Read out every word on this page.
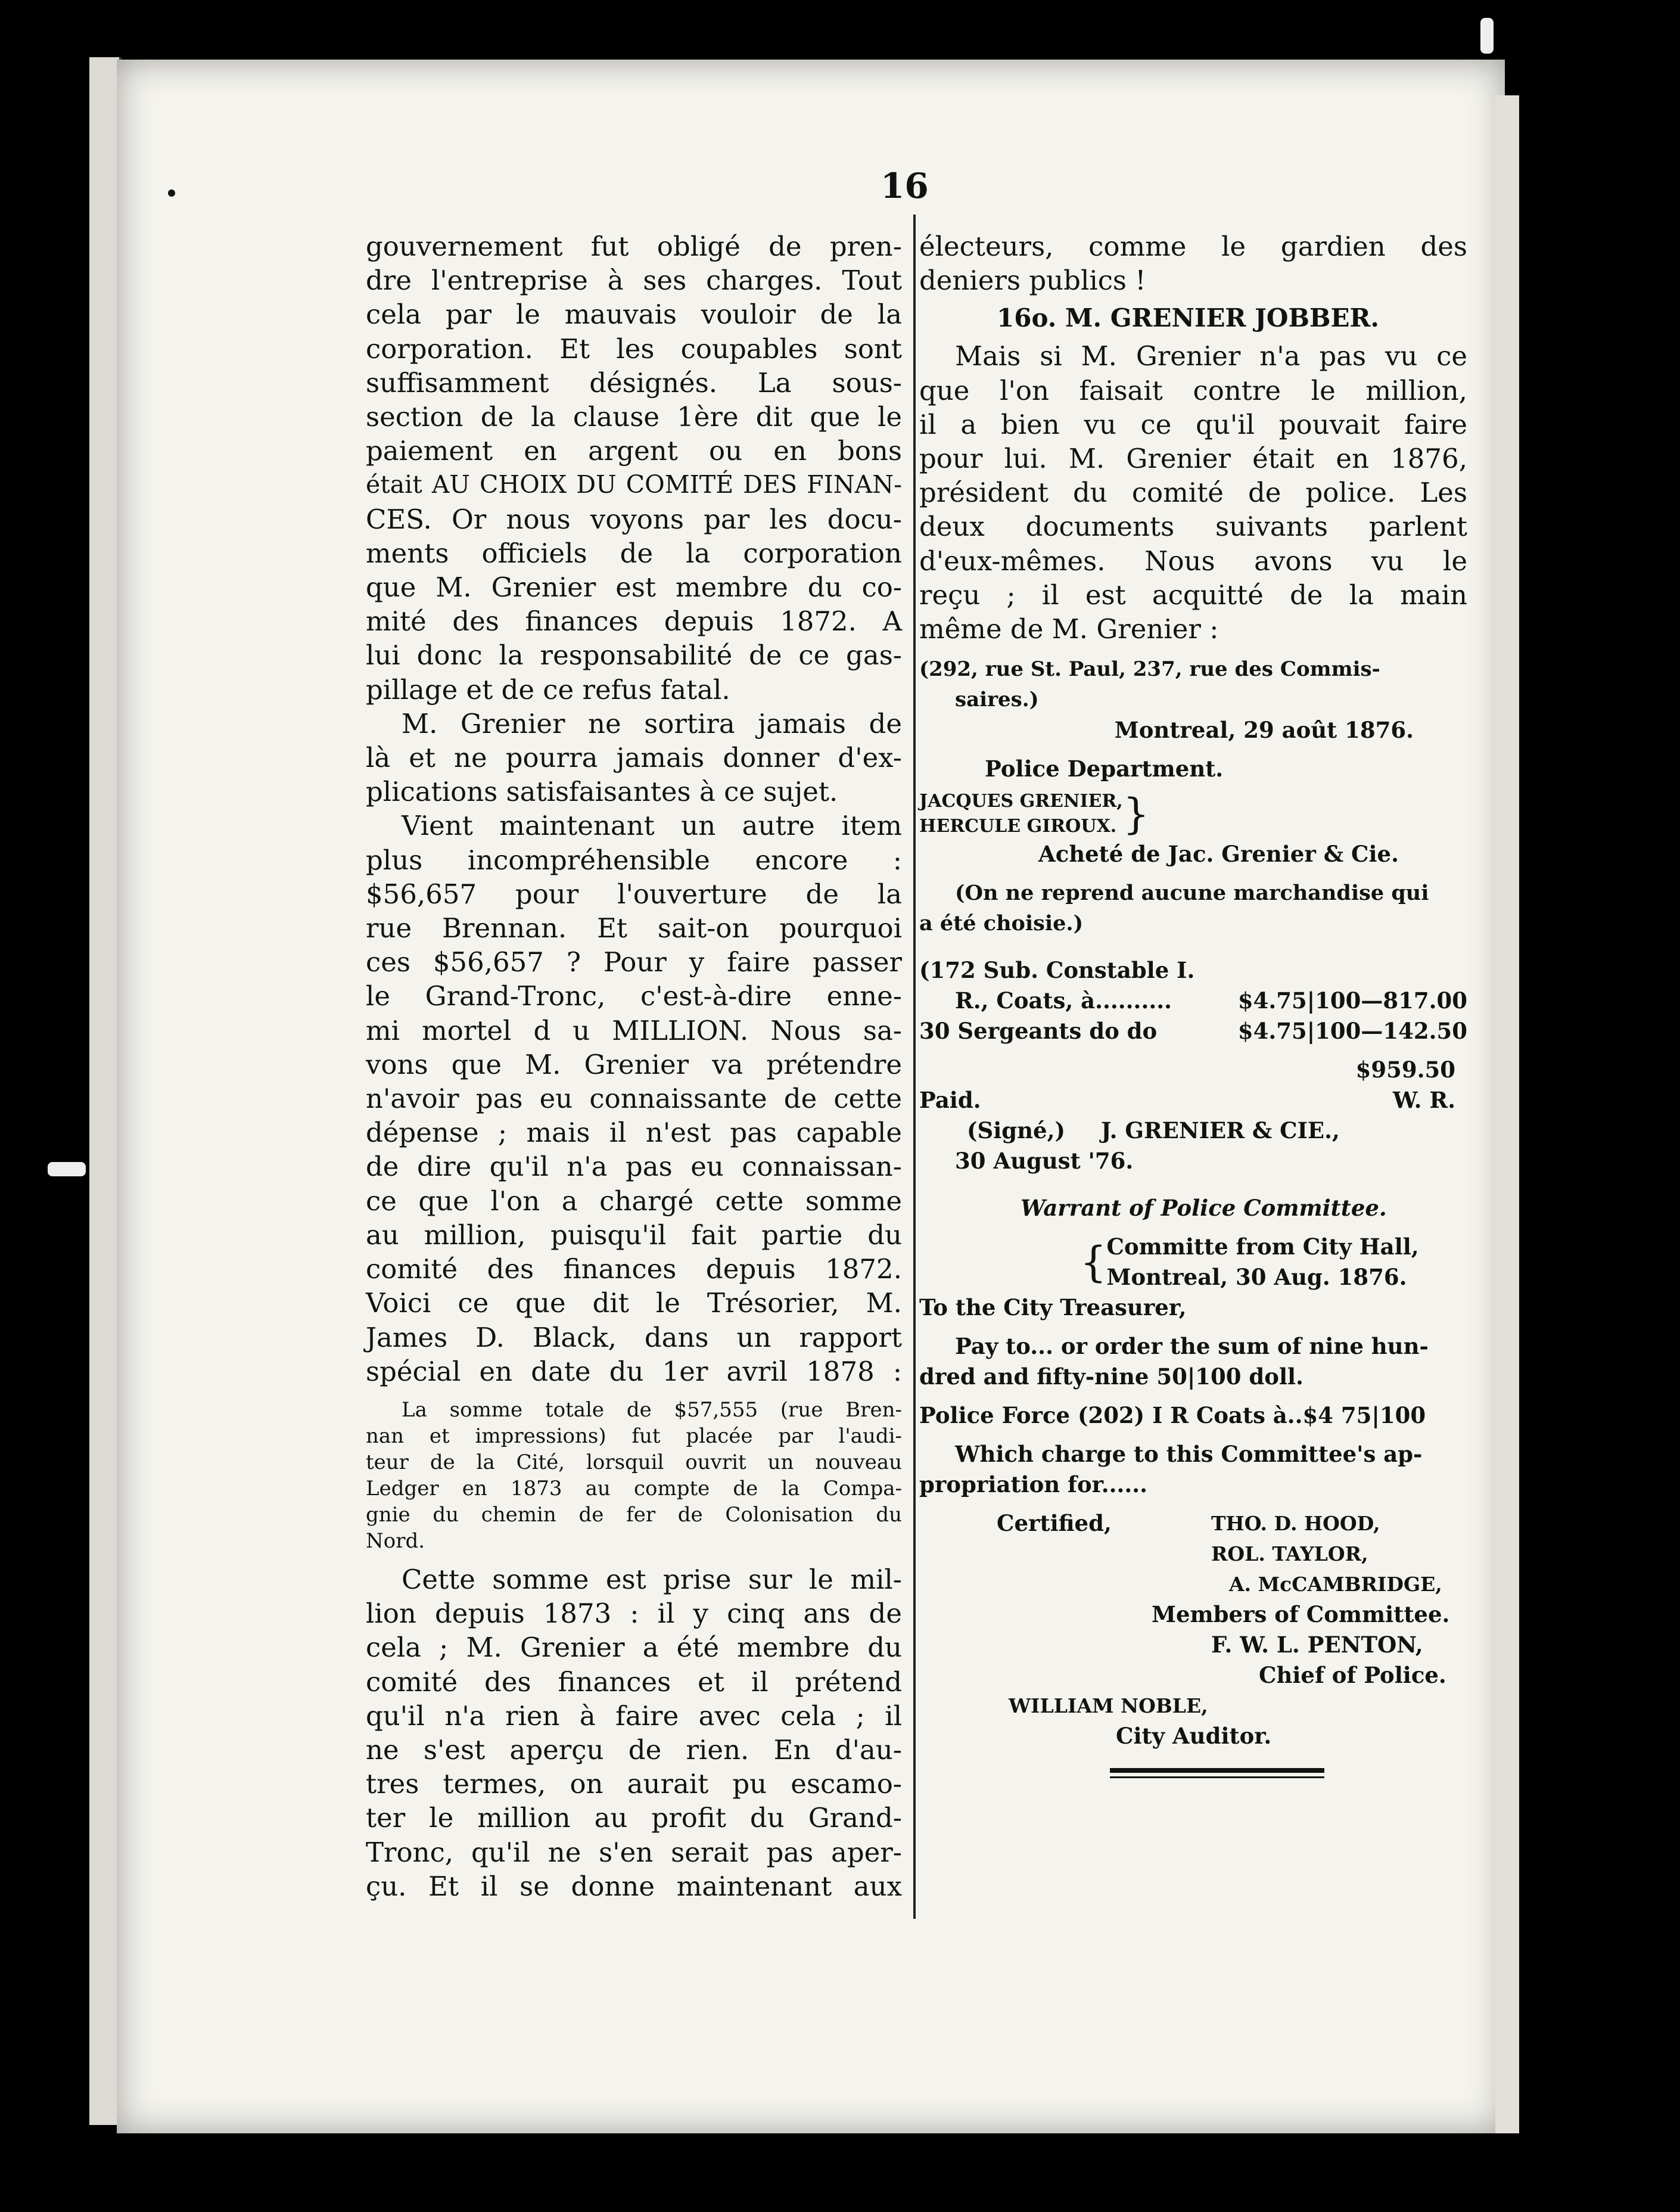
16
gouvernement fut obligé de pren-
dre l'entreprise à ses charges. Tout
cela par le mauvais vouloir de la
corporation. Et les coupables sont
suffisamment désignés. La sous-
section de la clause 1ère dit que le
paiement en argent ou en bons
était AU CHOIX DU COMITÉ DES FINAN-
CES. Or nous voyons par les docu-
ments officiels de la corporation
que M. Grenier est membre du co-
mité des finances depuis 1872. A
lui donc la responsabilité de ce gas-
pillage et de ce refus fatal.
M. Grenier ne sortira jamais de
là et ne pourra jamais donner d'ex-
plications satisfaisantes à ce sujet.
Vient maintenant un autre item
plus incompréhensible encore :
$56,657 pour l'ouverture de la
rue Brennan. Et sait-on pourquoi
ces $56,657 ? Pour y faire passer
le Grand-Tronc, c'est-à-dire enne-
mi mortel d u MILLION. Nous sa-
vons que M. Grenier va prétendre
n'avoir pas eu connaissante de cette
dépense ; mais il n'est pas capable
de dire qu'il n'a pas eu connaissan-
ce que l'on a chargé cette somme
au million, puisqu'il fait partie du
comité des finances depuis 1872.
Voici ce que dit le Trésorier, M.
James D. Black, dans un rapport
spécial en date du 1er avril 1878 :
La somme totale de $57,555 (rue Bren-
nan et impressions) fut placée par l'audi-
teur de la Cité, lorsquil ouvrit un nouveau
Ledger en 1873 au compte de la Compa-
gnie du chemin de fer de Colonisation du
Nord.
Cette somme est prise sur le mil-
lion depuis 1873 : il y cinq ans de
cela ; M. Grenier a été membre du
comité des finances et il prétend
qu'il n'a rien à faire avec cela ; il
ne s'est aperçu de rien. En d'au-
tres termes, on aurait pu escamo-
ter le million au profit du Grand-
Tronc, qu'il ne s'en serait pas aper-
çu. Et il se donne maintenant aux
électeurs, comme le gardien des
deniers publics !
16o. M. GRENIER JOBBER.
Mais si M. Grenier n'a pas vu ce
que l'on faisait contre le million,
il a bien vu ce qu'il pouvait faire
pour lui. M. Grenier était en 1876,
président du comité de police. Les
deux documents suivants parlent
d'eux-mêmes. Nous avons vu le
reçu ; il est acquitté de la main
même de M. Grenier :
(292, rue St. Paul, 237, rue des Commis-
saires.)
Montreal, 29 août 1876.
Police Department.
JACQUES GRENIER,
HERCULE GIROUX. }
Acheté de Jac. Grenier & Cie.
(On ne reprend aucune marchandise qui
a été choisie.)
(172 Sub. Constable I.
R., Coats, à..........	$4.75|100—817.00
30 Sergeants do do	$4.75|100—142.50
$959.50
Paid.	W. R.
(Signé,) J. GRENIER & CIE.,
30 August '76.
Warrant of Police Committee.
{ Committe from City Hall,
Montreal, 30 Aug. 1876.
To the City Treasurer,
Pay to... or order the sum of nine hun-
dred and fifty-nine 50|100 doll.
Police Force (202) I R Coats à..$4 75|100
Which charge to this Committee's ap-
propriation for......
Certified,	THO. D. HOOD,
ROL. TAYLOR,
A. McCAMBRIDGE,
Members of Committee.
F. W. L. PENTON,
Chief of Police.
WILLIAM NOBLE,
City Auditor.
